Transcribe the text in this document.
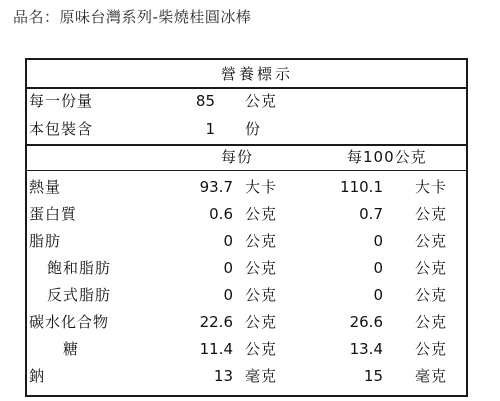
品名：原味台灣系列-柴燒桂圓冰棒
營養標示
每一份量	85 公克
本包裝含	1 份
每份	每100公克
熱量	93.7 大卡	110.1 大卡
蛋白質	0.6 公克	0.7 公克
脂肪	0 公克	0 公克
飽和脂肪	0 公克	0 公克
反式脂肪	0 公克	0 公克
碳水化合物	22.6 公克	26.6 公克
糖	11.4 公克	13.4 公克
鈉	13 毫克	15 毫克
